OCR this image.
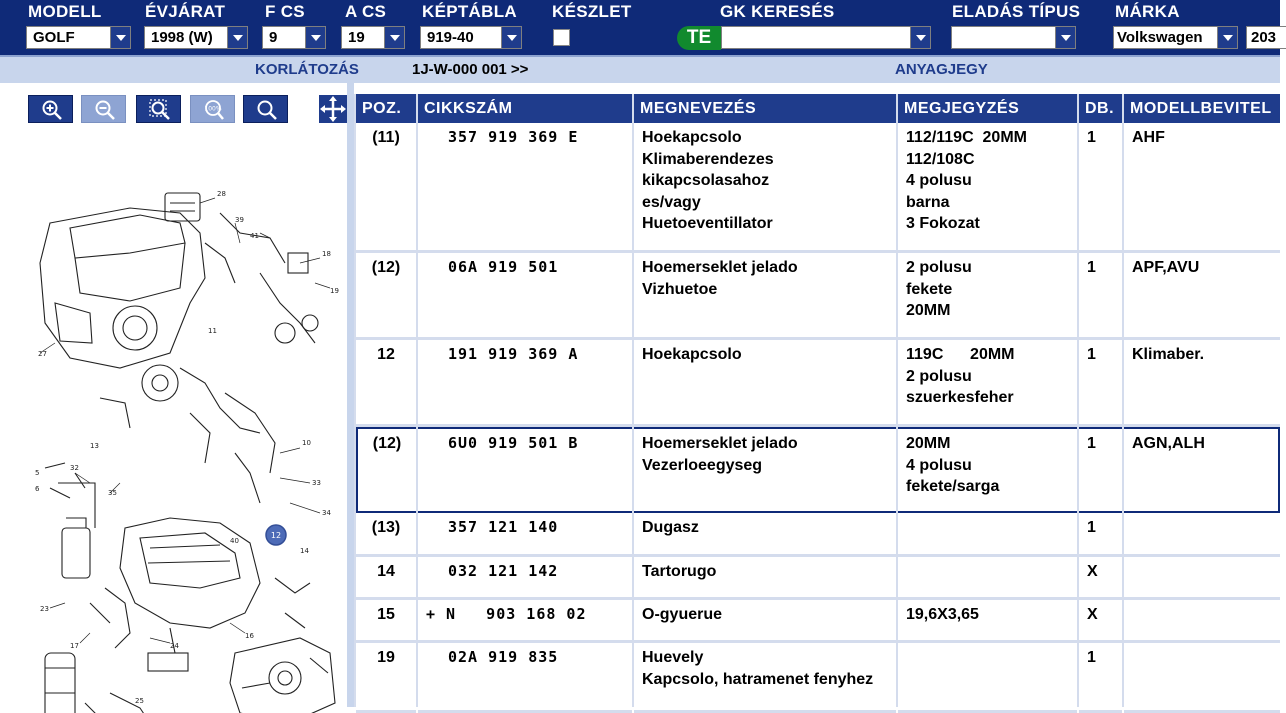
MODELL	ÉVJÁRAT F CS A CS KÉPTÁBLA KÉSZLET	GK KERESÉS	ELADÁS TÍPUS MÁRKA
GOLF	1998 (W)	9	19	919-40	TE	Volkswagen	203
KORLÁTOZÁS	1J-W-000 001 >>	ANYAGJEGY
100%
28
39
41
18
19
27
32
35
10
33
34
14
23
17	24
16
11
13
5
6
40
25
12
POZ.	CIKKSZÁM	MEGNEVEZÉS	MEGJEGYZÉS	DB.	MODELLBEVITEL
(11)	357 919 369 E	Hoekapcsolo
Klimaberendezes
kikapcsolasahoz
es/vagy
Huetoeventillator	112/119C  20MM
112/108C
4 polusu
barna
3 Fokozat	1	AHF
(12)	06A 919 501	Hoemerseklet jelado
Vizhuetoe	2 polusu
fekete
20MM	1	APF,AVU
12	191 919 369 A	Hoekapcsolo	119C      20MM
2 polusu
szuerkesfeher	1	Klimaber.
(12)	6U0 919 501 B	Hoemerseklet jelado
Vezerloeegyseg	20MM
4 polusu
fekete/sarga	1	AGN,ALH
(13)	357 121 140	Dugasz		1	
14	032 121 142	Tartorugo		X	
15	+ N   903 168 02	O-gyuerue	19,6X3,65	X	
19	02A 919 835	Huevely
Kapcsolo, hatramenet fenyhez		1	
